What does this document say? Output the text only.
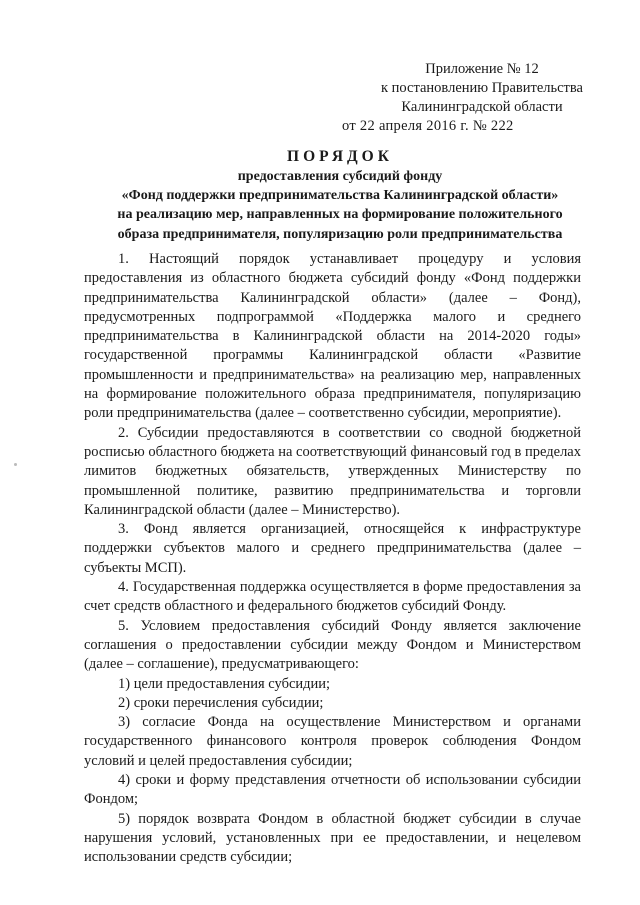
Приложение № 12
к постановлению Правительства
Калининградской области
от 22 апреля 2016 г. № 222

ПОРЯДОК

предоставления субсидий фонду
«Фонд поддержки предпринимательства Калининградской области»
на реализацию мер, направленных на формирование положительного
образа предпринимателя, популяризацию роли предпринимательства

1. Настоящий порядок устанавливает процедуру и условия предоставления из областного бюджета субсидий фонду «Фонд поддержки предпринимательства Калининградской области» (далее – Фонд), предусмотренных подпрограммой «Поддержка малого и среднего предпринимательства в Калининградской области на 2014-2020 годы» государственной программы Калининградской области «Развитие промышленности и предпринимательства» на реализацию мер, направленных на формирование положительного образа предпринимателя, популяризацию роли предпринимательства (далее – соответственно субсидии, мероприятие).

2. Субсидии предоставляются в соответствии со сводной бюджетной росписью областного бюджета на соответствующий финансовый год в пределах лимитов бюджетных обязательств, утвержденных Министерству по промышленной политике, развитию предпринимательства и торговли Калининградской области (далее – Министерство).

3. Фонд является организацией, относящейся к инфраструктуре поддержки субъектов малого и среднего предпринимательства (далее – субъекты МСП).

4. Государственная поддержка осуществляется в форме предоставления за счет средств областного и федерального бюджетов субсидий Фонду.

5. Условием предоставления субсидий Фонду является заключение соглашения о предоставлении субсидии между Фондом и Министерством (далее – соглашение), предусматривающего:

1) цели предоставления субсидии;

2) сроки перечисления субсидии;

3) согласие Фонда на осуществление Министерством и органами государственного финансового контроля проверок соблюдения Фондом условий и целей предоставления субсидии;

4) сроки и форму представления отчетности об использовании субсидии Фондом;

5) порядок возврата Фондом в областной бюджет субсидии в случае нарушения условий, установленных при ее предоставлении, и нецелевом использовании средств субсидии;
